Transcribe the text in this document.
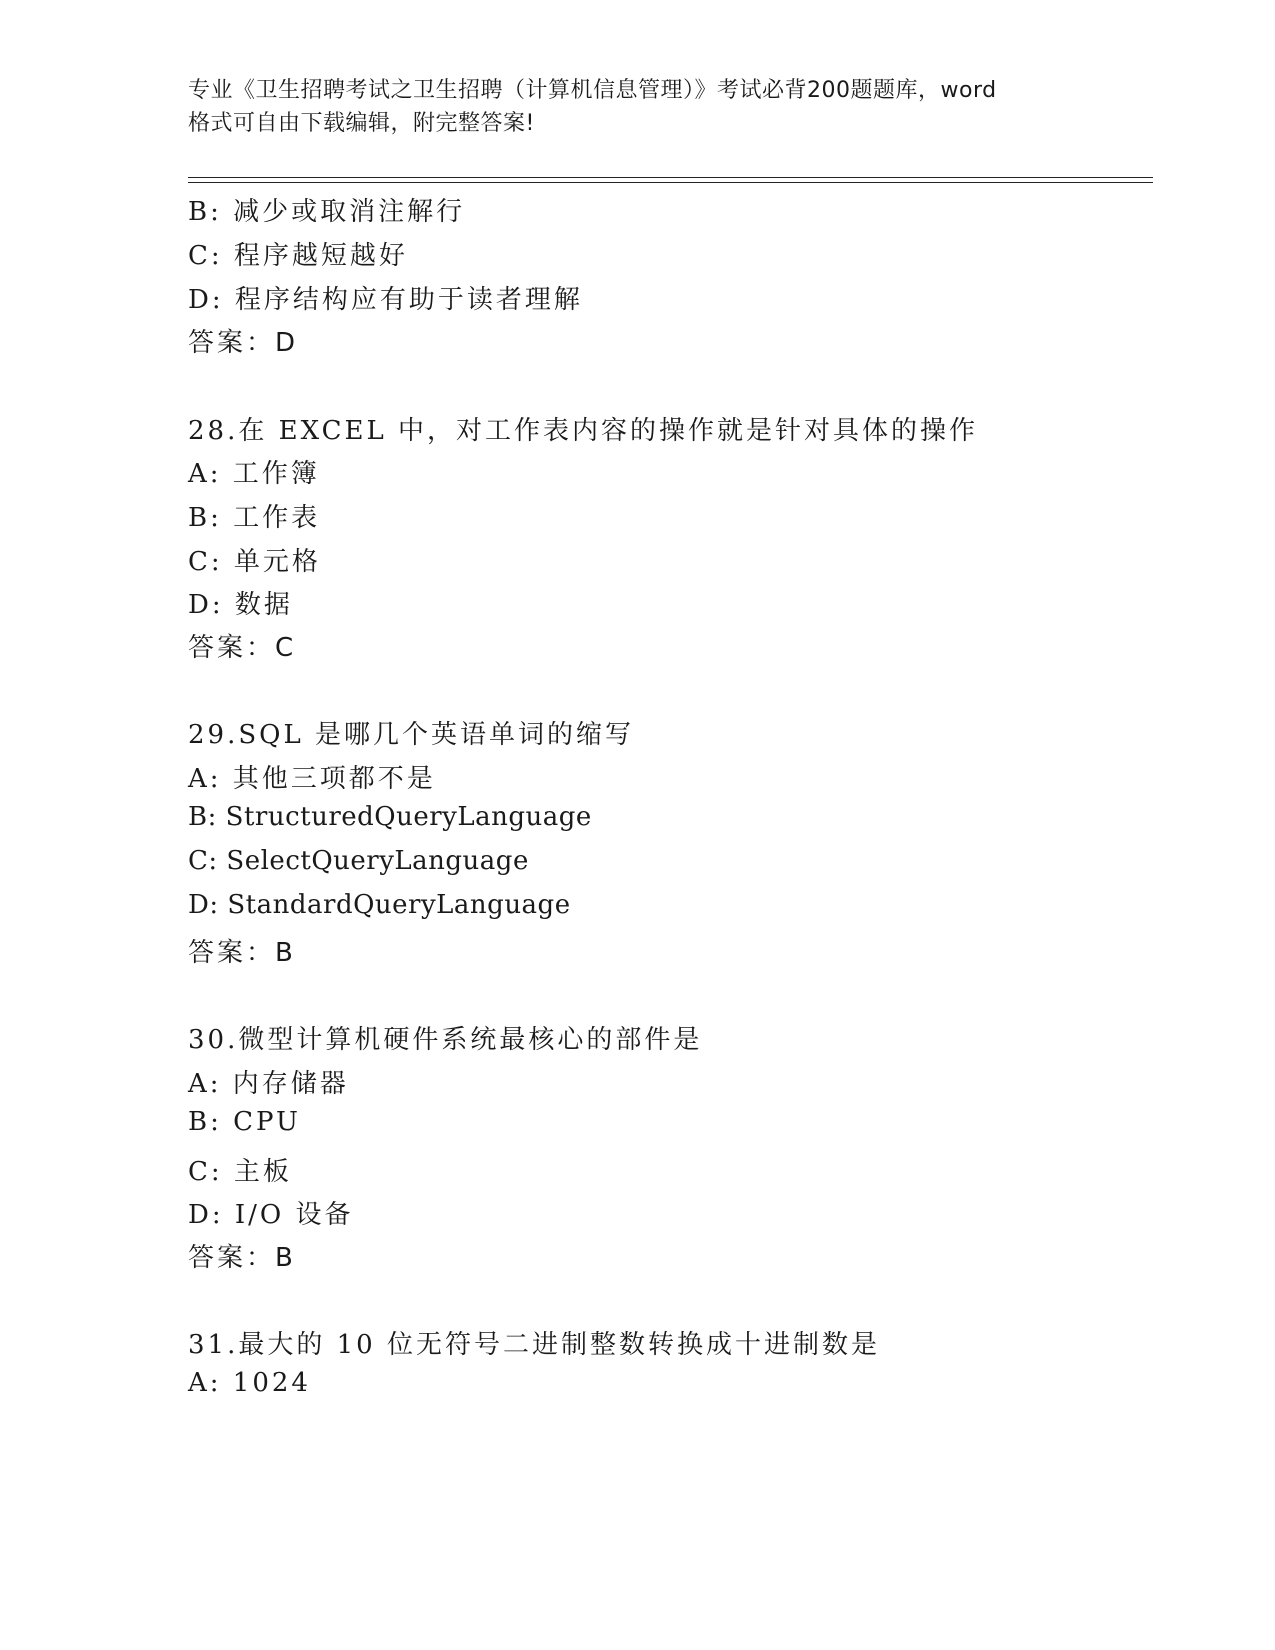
专业《卫生招聘考试之卫生招聘（计算机信息管理）》考试必背200题题库，word
格式可自由下载编辑，附完整答案!
B: 减少或取消注解行
C: 程序越短越好
D: 程序结构应有助于读者理解
答案：D
28.在 EXCEL 中，对工作表内容的操作就是针对具体的操作
A: 工作簿
B: 工作表
C: 单元格
D: 数据
答案：C
29.SQL 是哪几个英语单词的缩写
A: 其他三项都不是
B: StructuredQueryLanguage
C: SelectQueryLanguage
D: StandardQueryLanguage
答案：B
30.微型计算机硬件系统最核心的部件是
A: 内存储器
B: CPU
C: 主板
D: I/O 设备
答案：B
31.最大的 10 位无符号二进制整数转换成十进制数是
A: 1024
